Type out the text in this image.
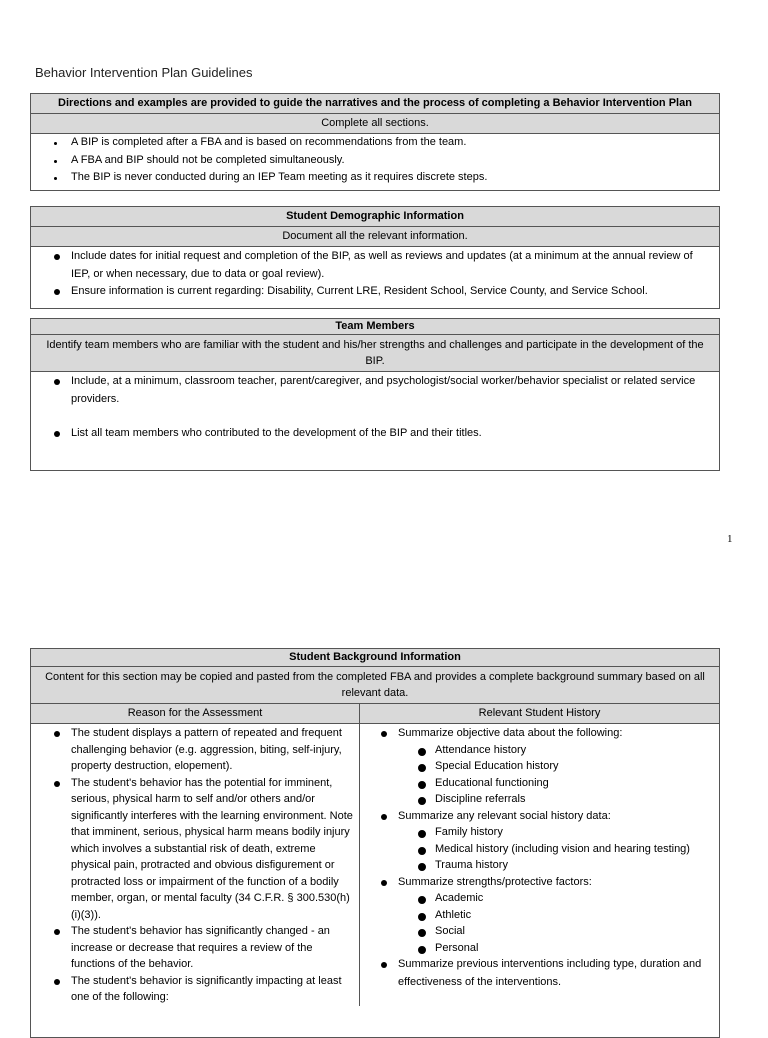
Behavior Intervention Plan Guidelines
Directions and examples are provided to guide the narratives and the process of completing a Behavior Intervention Plan
Complete all sections.
A BIP is completed after a FBA and is based on recommendations from the team.
A FBA and BIP should not be completed simultaneously.
The BIP is never conducted during an IEP Team meeting as it requires discrete steps.
Student Demographic Information
Document all the relevant information.
Include dates for initial request and completion of the BIP, as well as reviews and updates (at a minimum at the annual review of IEP, or when necessary, due to data or goal review).
Ensure information is current regarding: Disability, Current LRE, Resident School, Service County, and Service School.
Team Members
Identify team members who are familiar with the student and his/her strengths and challenges and participate in the development of the BIP.
Include, at a minimum, classroom teacher, parent/caregiver, and psychologist/social worker/behavior specialist or related service providers.
List all team members who contributed to the development of the BIP and their titles.
1
Student Background Information
Content for this section may be copied and pasted from the completed FBA and provides a complete background summary based on all relevant data.
Reason for the Assessment
The student displays a pattern of repeated and frequent challenging behavior (e.g. aggression, biting, self-injury, property destruction, elopement).
The student's behavior has the potential for imminent, serious, physical harm to self and/or others and/or significantly interferes with the learning environment. Note that imminent, serious, physical harm means bodily injury which involves a substantial risk of death, extreme physical pain, protracted and obvious disfigurement or protracted loss or impairment of the function of a bodily member, organ, or mental faculty (34 C.F.R. § 300.530(h)(i)(3)).
The student's behavior has significantly changed - an increase or decrease that requires a review of the functions of the behavior.
The student's behavior is significantly impacting at least one of the following:
Relevant Student History
Summarize objective data about the following:
Attendance history
Special Education history
Educational functioning
Discipline referrals
Summarize any relevant social history data:
Family history
Medical history (including vision and hearing testing)
Trauma history
Summarize strengths/protective factors:
Academic
Athletic
Social
Personal
Summarize previous interventions including type, duration and effectiveness of the interventions.
